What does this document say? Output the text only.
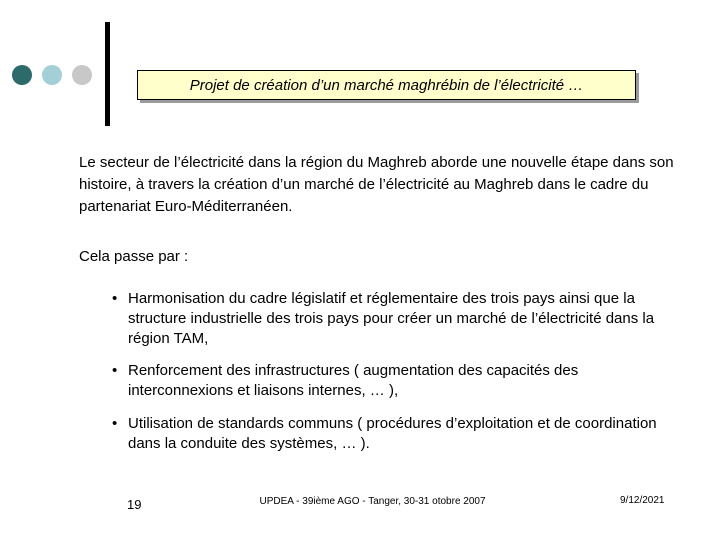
Projet de création d’un marché maghrébin de l’électricité …

Le secteur de l’électricité dans la région du Maghreb aborde une nouvelle étape dans son histoire, à travers la création d’un marché de l’électricité au Maghreb dans le cadre du partenariat Euro-Méditerranéen.

Cela passe par :

• Harmonisation du cadre législatif et réglementaire des trois pays ainsi que la structure industrielle des trois pays pour créer un marché de l’électricité dans la région TAM,
• Renforcement des infrastructures ( augmentation des capacités des interconnexions et liaisons internes, … ),
• Utilisation de standards communs ( procédures d’exploitation et de coordination dans la conduite des systèmes, … ).
19	UPDEA - 39ième AGO - Tanger, 30-31 otobre 2007	9/12/2021
